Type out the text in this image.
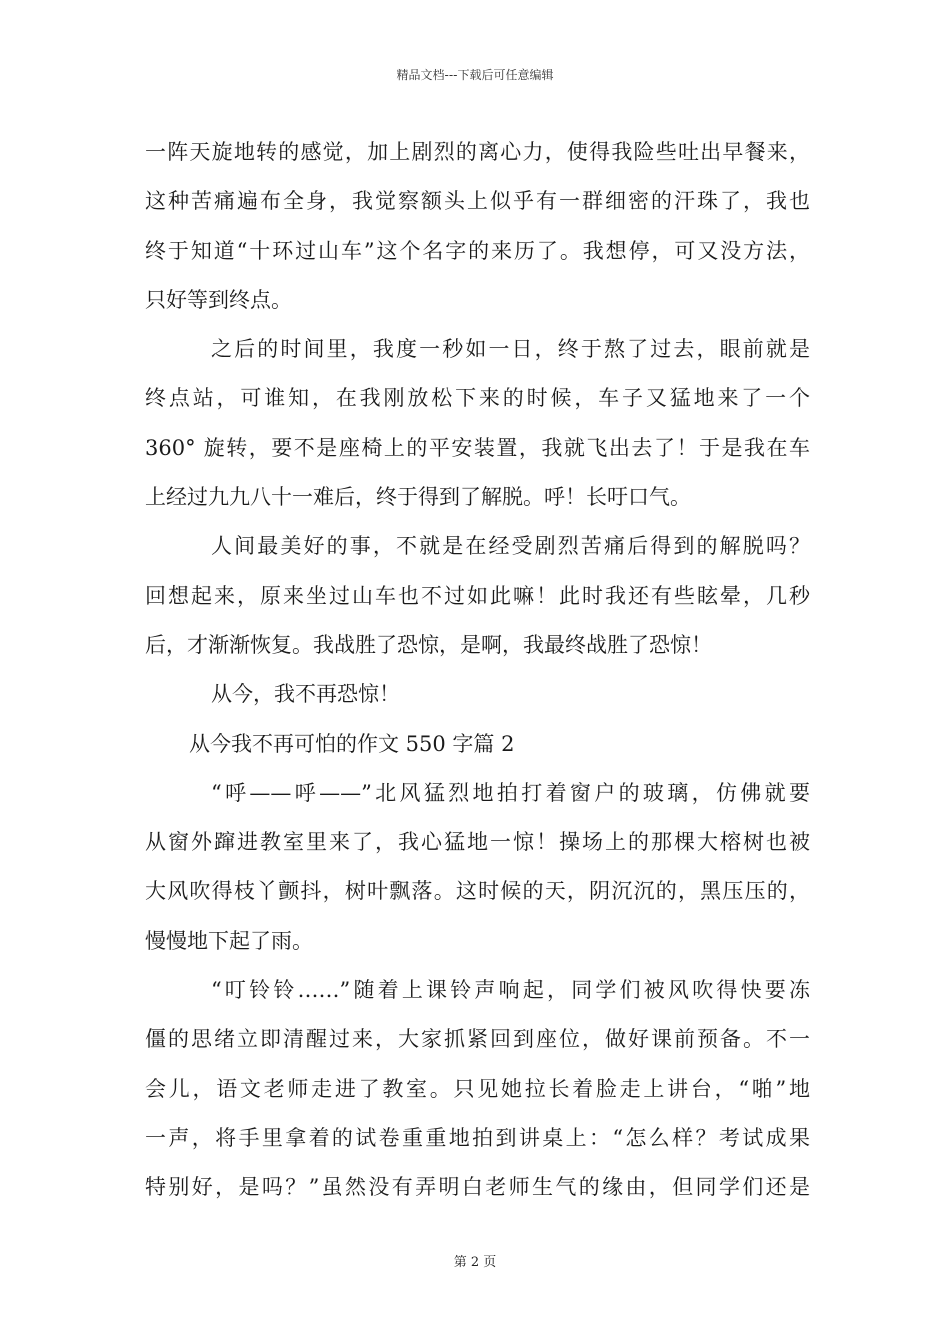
精品文档---下载后可任意编辑
一阵天旋地转的感觉，加上剧烈的离心力，使得我险些吐出早餐来，
这种苦痛遍布全身，我觉察额头上似乎有一群细密的汗珠了，我也
终于知道“十环过山车”这个名字的来历了。我想停，可又没方法，
只好等到终点。
之后的时间里，我度一秒如一日，终于熬了过去，眼前就是
终点站，可谁知，在我刚放松下来的时候，车子又猛地来了一个
360° 旋转，要不是座椅上的平安装置，我就飞出去了！于是我在车
上经过九九八十一难后，终于得到了解脱。呼！长吁口气。
人间最美好的事，不就是在经受剧烈苦痛后得到的解脱吗？
回想起来，原来坐过山车也不过如此嘛！此时我还有些眩晕，几秒
后，才渐渐恢复。我战胜了恐惊，是啊，我最终战胜了恐惊！
从今，我不再恐惊！
从今我不再可怕的作文 550 字篇 2
“呼——呼——”北风猛烈地拍打着窗户的玻璃，仿佛就要
从窗外蹿进教室里来了，我心猛地一惊！操场上的那棵大榕树也被
大风吹得枝丫颤抖，树叶飘落。这时候的天，阴沉沉的，黑压压的，
慢慢地下起了雨。
“叮铃铃……”随着上课铃声响起，同学们被风吹得快要冻
僵的思绪立即清醒过来，大家抓紧回到座位，做好课前预备。不一
会儿，语文老师走进了教室。只见她拉长着脸走上讲台，“啪”地
一声，将手里拿着的试卷重重地拍到讲桌上：“怎么样？考试成果
特别好，是吗？”虽然没有弄明白老师生气的缘由，但同学们还是
第 2 页
